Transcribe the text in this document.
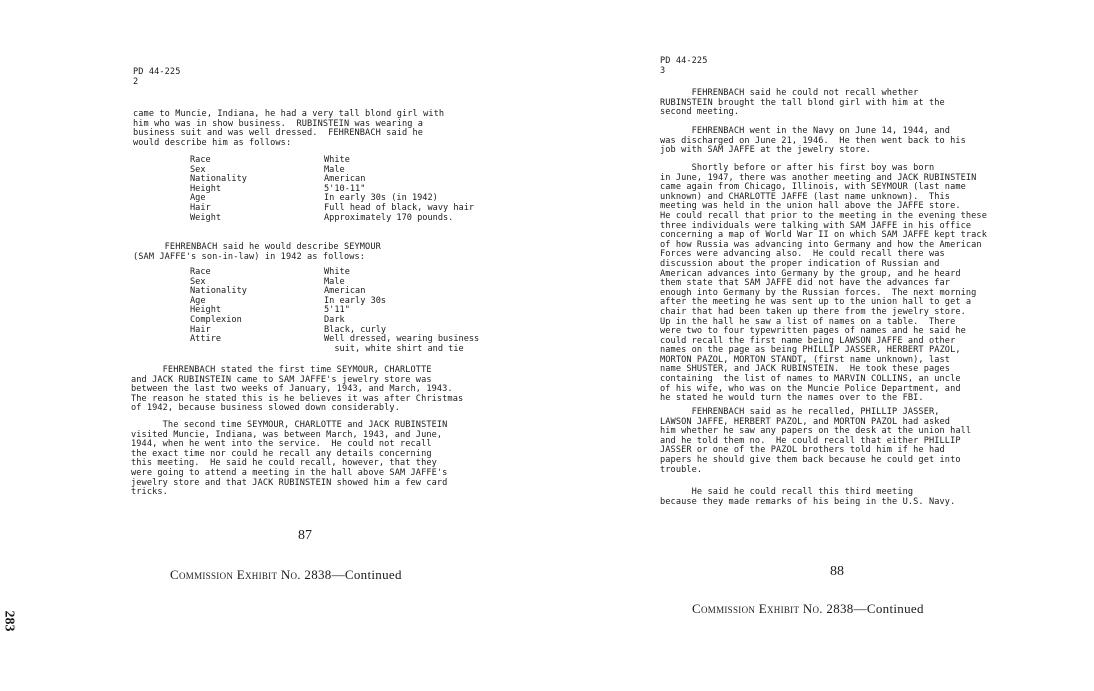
PD 44-225
2
came to Muncie, Indiana, he had a very tall blond girl with
him who was in show business.  RUBINSTEIN was wearing a
business suit and was well dressed.  FEHRENBACH said he
would describe him as follows:
Race	White
Sex	Male
Nationality	American
Height	5'10-11"
Age	In early 30s (in 1942)
Hair	Full head of black, wavy hair
Weight	Approximately 170 pounds.
FEHRENBACH said he would describe SEYMOUR
(SAM JAFFE's son-in-law) in 1942 as follows:
Race	White
Sex	Male
Nationality	American
Age	In early 30s
Height	5'11"
Complexion	Dark
Hair	Black, curly
Attire	Well dressed, wearing business
suit, white shirt and tie
FEHRENBACH stated the first time SEYMOUR, CHARLOTTE
and JACK RUBINSTEIN came to SAM JAFFE's jewelry store was
between the last two weeks of January, 1943, and March, 1943.
The reason he stated this is he believes it was after Christmas
of 1942, because business slowed down considerably.
The second time SEYMOUR, CHARLOTTE and JACK RUBINSTEIN
visited Muncie, Indiana, was between March, 1943, and June,
1944, when he went into the service.  He could not recall
the exact time nor could he recall any details concerning
this meeting.  He said he could recall, however, that they
were going to attend a meeting in the hall above SAM JAFFE's
jewelry store and that JACK RUBINSTEIN showed him a few card
tricks.
87
Commission Exhibit No. 2838—Continued
283
PD 44-225
3
FEHRENBACH said he could not recall whether
RUBINSTEIN brought the tall blond girl with him at the
second meeting.
FEHRENBACH went in the Navy on June 14, 1944, and
was discharged on June 21, 1946.  He then went back to his
job with SAM JAFFE at the jewelry store.
Shortly before or after his first boy was born
in June, 1947, there was another meeting and JACK RUBINSTEIN
came again from Chicago, Illinois, with SEYMOUR (last name
unknown) and CHARLOTTE JAFFE (last name unknown).  This
meeting was held in the union hall above the JAFFE store.
He could recall that prior to the meeting in the evening these
three individuals were talking with SAM JAFFE in his office
concerning a map of World War II on which SAM JAFFE kept track
of how Russia was advancing into Germany and how the American
Forces were advancing also.  He could recall there was
discussion about the proper indication of Russian and
American advances into Germany by the group, and he heard
them state that SAM JAFFE did not have the advances far
enough into Germany by the Russian forces.  The next morning
after the meeting he was sent up to the union hall to get a
chair that had been taken up there from the jewelry store.
Up in the hall he saw a list of names on a table.  There
were two to four typewritten pages of names and he said he
could recall the first name being LAWSON JAFFE and other
names on the page as being PHILLIP JASSER, HERBERT PAZOL,
MORTON PAZOL, MORTON STANDT, (first name unknown), last
name SHUSTER, and JACK RUBINSTEIN.  He took these pages
containing  the list of names to MARVIN COLLINS, an uncle
of his wife, who was on the Muncie Police Department, and
he stated he would turn the names over to the FBI.
FEHRENBACH said as he recalled, PHILLIP JASSER,
LAWSON JAFFE, HERBERT PAZOL, and MORTON PAZOL had asked
him whether he saw any papers on the desk at the union hall
and he told them no.  He could recall that either PHILLIP
JASSER or one of the PAZOL brothers told him if he had
papers he should give them back because he could get into
trouble.
He said he could recall this third meeting
because they made remarks of his being in the U.S. Navy.
88
Commission Exhibit No. 2838—Continued
